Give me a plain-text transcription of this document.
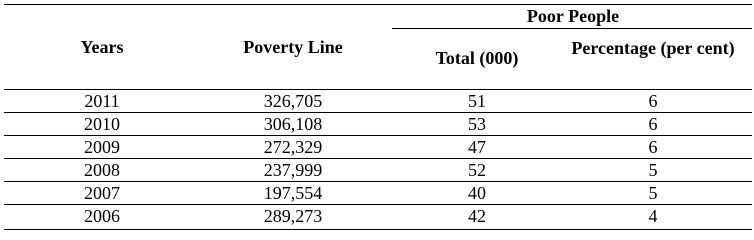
Years	Poverty Line
Poor People
Total (000)	Percentage (per cent)
2011	326,705	51	6
2010	306,108	53	6
2009	272,329	47	6
2008	237,999	52	5
2007	197,554	40	5
2006	289,273	42	4
